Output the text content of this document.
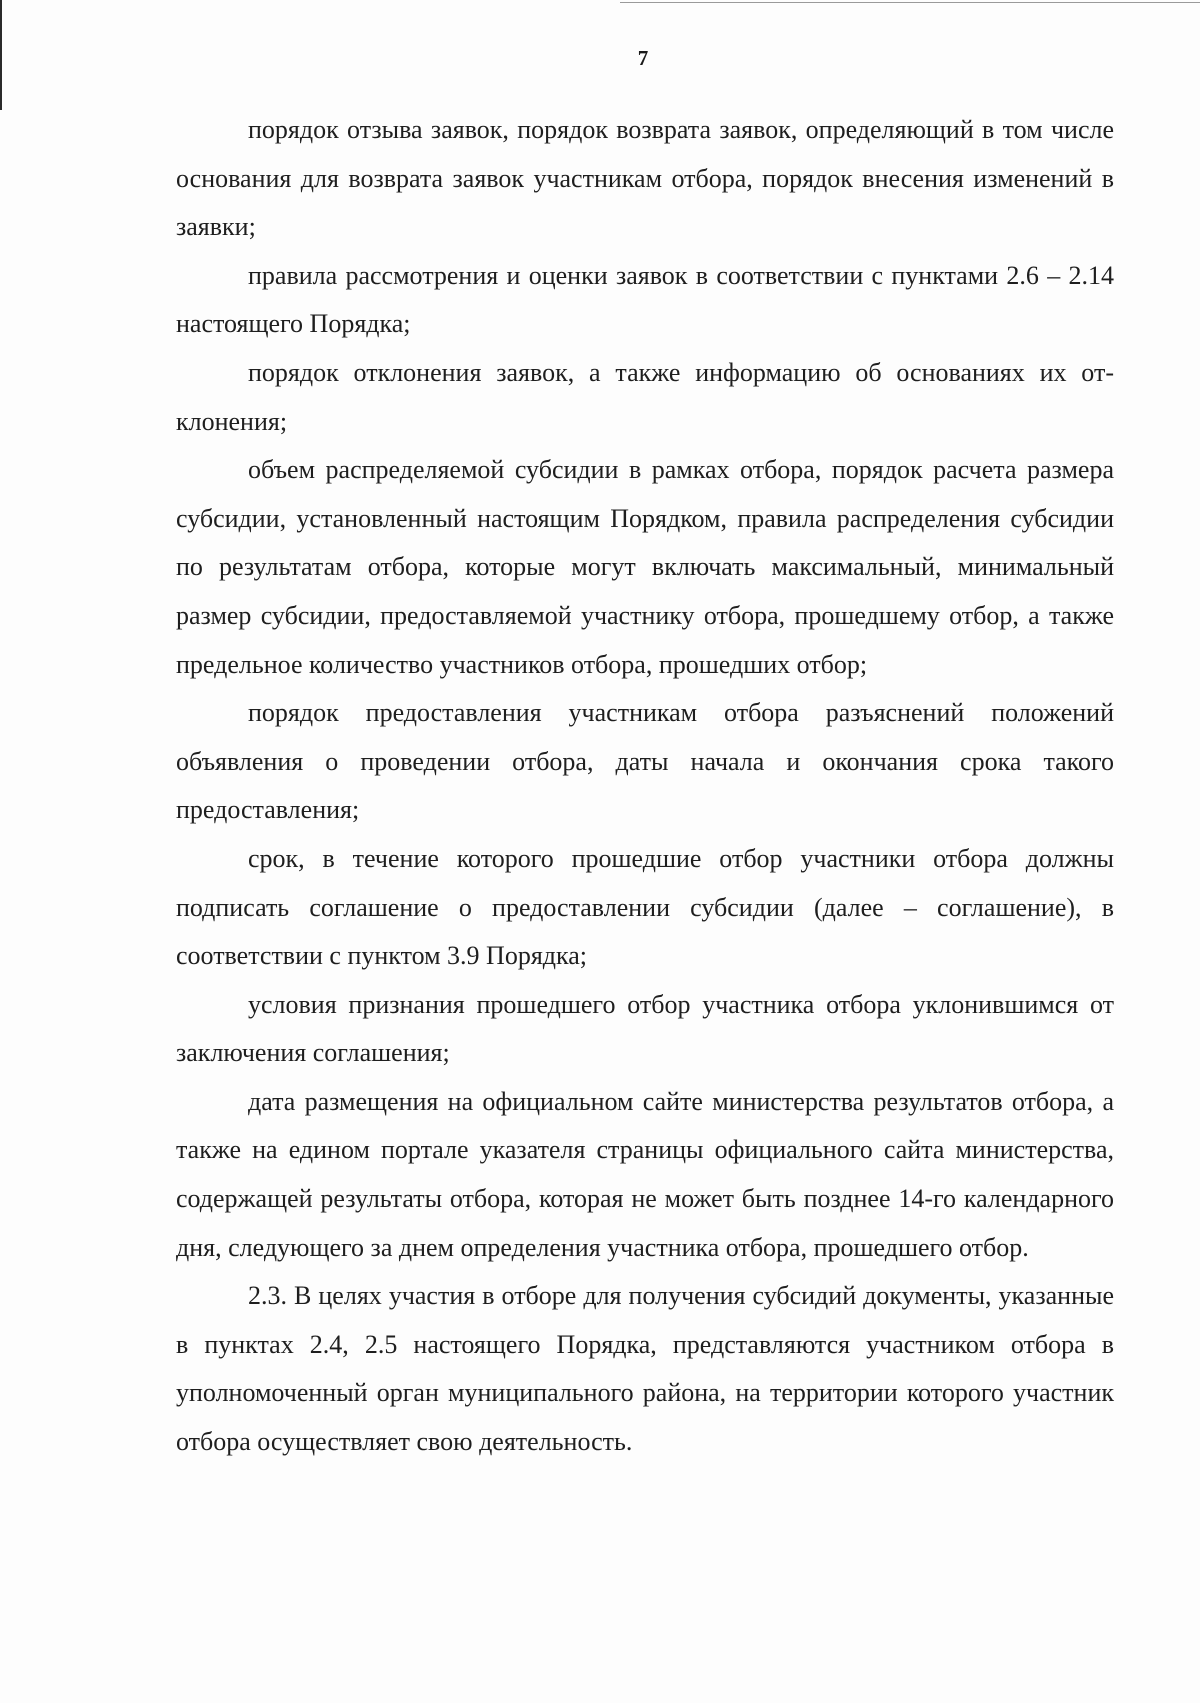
7

порядок отзыва заявок, порядок возврата заявок, определяющий в том числе основания для возврата заявок участникам отбора, порядок внесения изменений в заявки;

правила рассмотрения и оценки заявок в соответствии с пунктами 2.6 – 2.14 настоящего Порядка;

порядок отклонения заявок, а также информацию об основаниях их отклонения;

объем распределяемой субсидии в рамках отбора, порядок расчета размера субсидии, установленный настоящим Порядком, правила распределения субсидии по результатам отбора, которые могут включать максимальный, минимальный размер субсидии, предоставляемой участнику отбора, прошедшему отбор, а также предельное количество участников отбора, прошедших отбор;

порядок предоставления участникам отбора разъяснений положений объявления о проведении отбора, даты начала и окончания срока такого предоставления;

срок, в течение которого прошедшие отбор участники отбора должны подписать соглашение о предоставлении субсидии (далее – соглашение), в соответствии с пунктом 3.9 Порядка;

условия признания прошедшего отбор участника отбора уклонившимся от заключения соглашения;

дата размещения на официальном сайте министерства результатов отбора, а также на едином портале указателя страницы официального сайта министерства, содержащей результаты отбора, которая не может быть позднее 14-го календарного дня, следующего за днем определения участника отбора, прошедшего отбор.

2.3. В целях участия в отборе для получения субсидий документы, указанные в пунктах 2.4, 2.5 настоящего Порядка, представляются участником отбора в уполномоченный орган муниципального района, на территории которого участник отбора осуществляет свою деятельность.
